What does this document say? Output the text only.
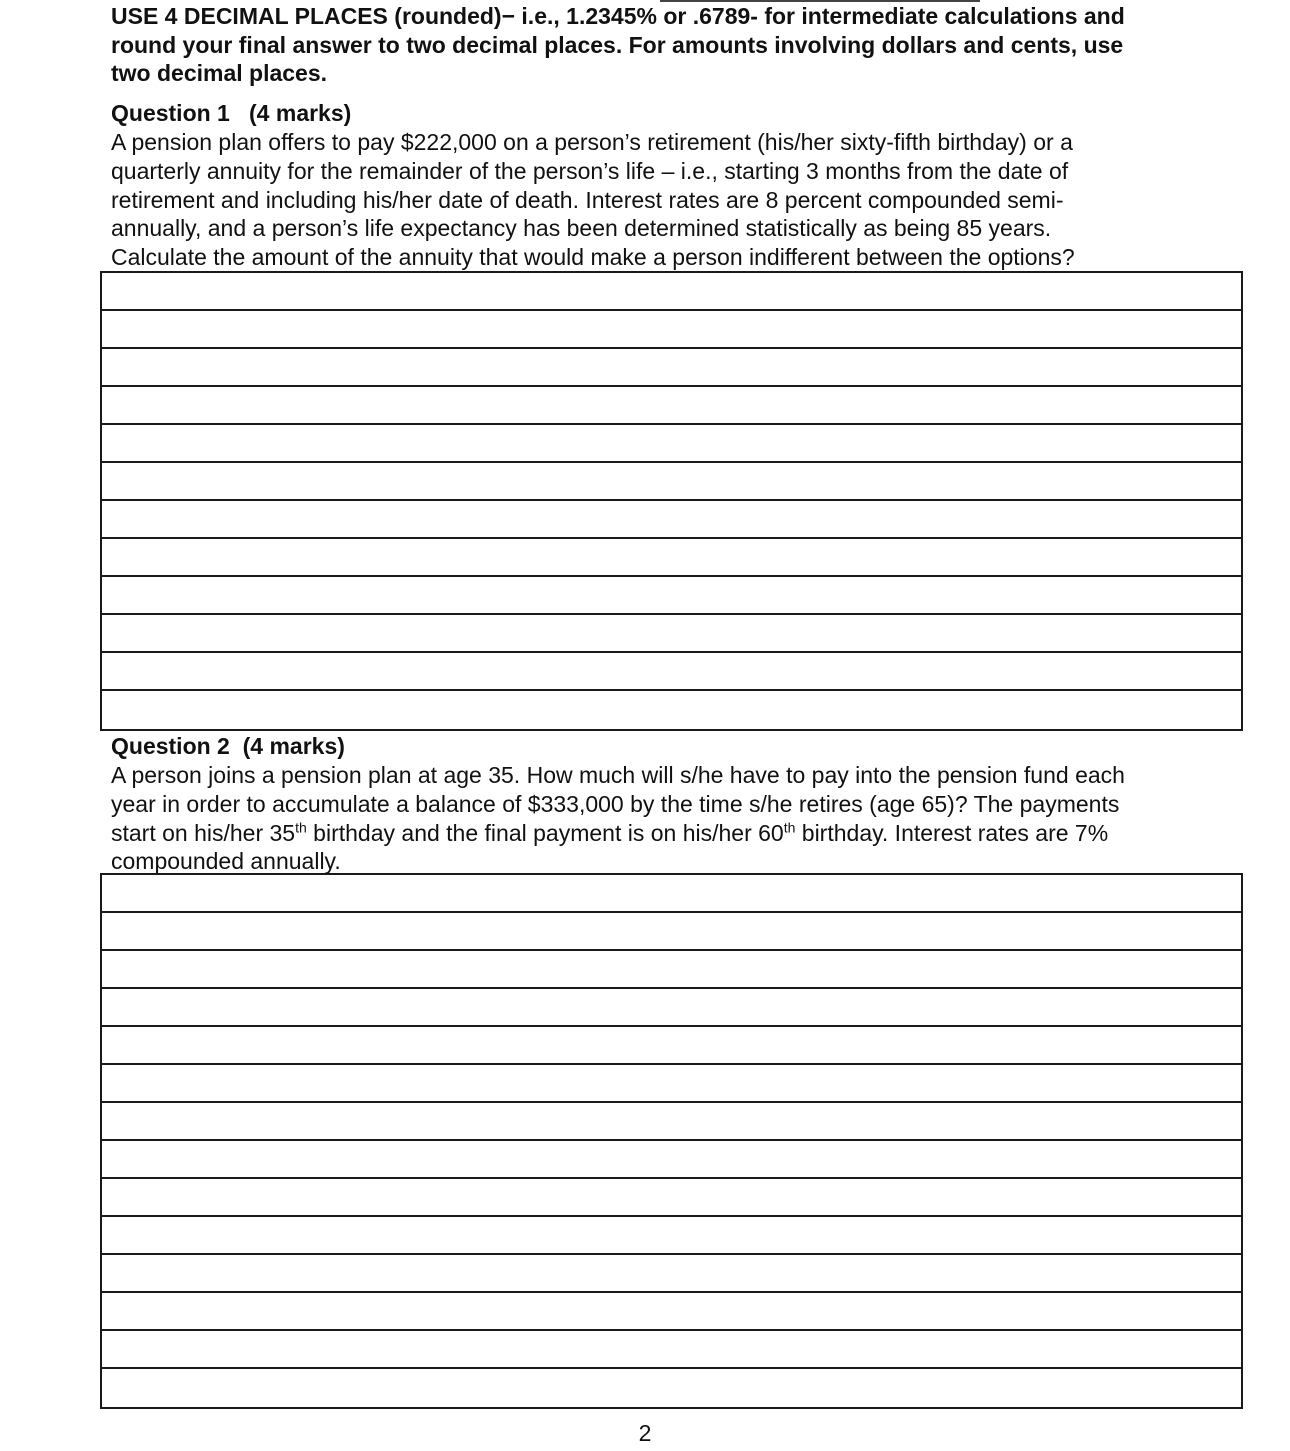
USE 4 DECIMAL PLACES (rounded)− i.e., 1.2345% or .6789- for intermediate calculations and
round your final answer to two decimal places. For amounts involving dollars and cents, use
two decimal places.
Question 1   (4 marks)
A pension plan offers to pay $222,000 on a person’s retirement (his/her sixty-fifth birthday) or a
quarterly annuity for the remainder of the person’s life – i.e., starting 3 months from the date of
retirement and including his/her date of death. Interest rates are 8 percent compounded semi-
annually, and a person’s life expectancy has been determined statistically as being 85 years.
Calculate the amount of the annuity that would make a person indifferent between the options?
Question 2  (4 marks)
A person joins a pension plan at age 35. How much will s/he have to pay into the pension fund each
year in order to accumulate a balance of $333,000 by the time s/he retires (age 65)? The payments
start on his/her 35th birthday and the final payment is on his/her 60th birthday. Interest rates are 7%
compounded annually.
2
